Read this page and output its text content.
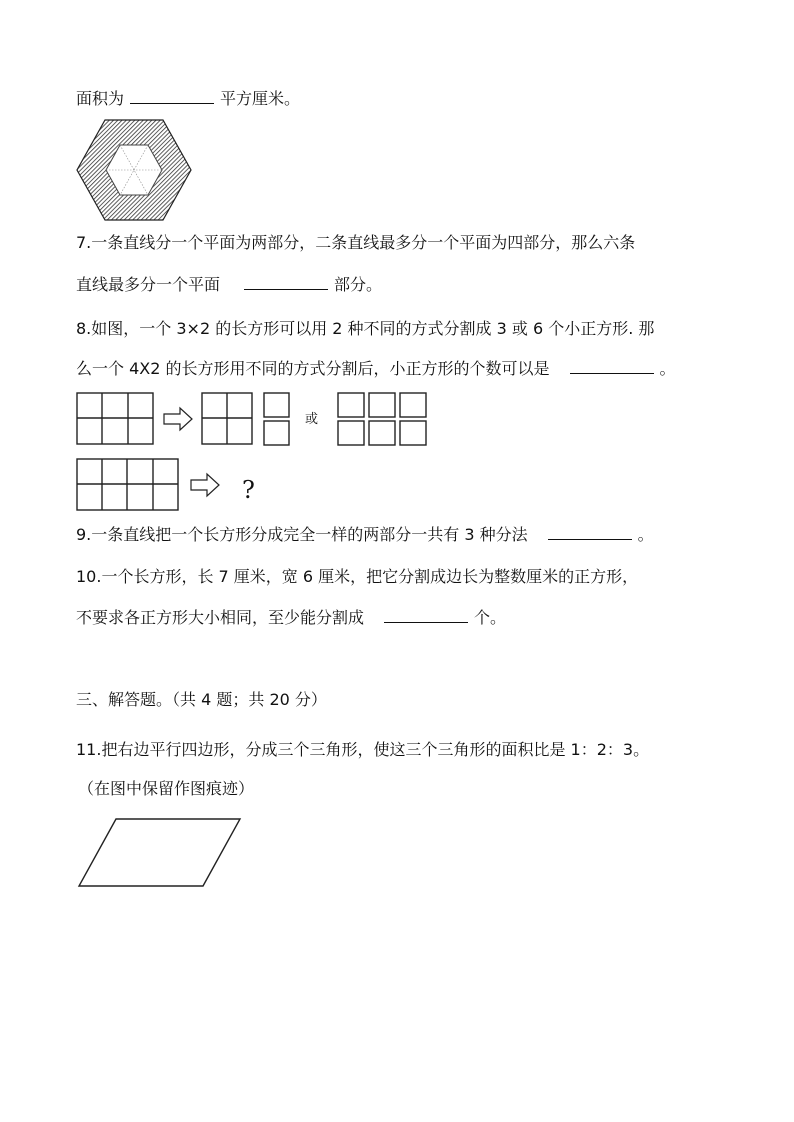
面积为	平方厘米。
7.一条直线分一个平面为两部分，二条直线最多分一个平面为四部分，那么六条
直线最多分一个平面	部分。
8.如图，一个 3×2 的长方形可以用 2 种不同的方式分割成 3 或 6 个小正方形. 那
么一个 4X2 的长方形用不同的方式分割后，小正方形的个数可以是	。
或
?
9.一条直线把一个长方形分成完全一样的两部分一共有 3 种分法	。
10.一个长方形，长 7 厘米，宽 6 厘米，把它分割成边长为整数厘米的正方形，
不要求各正方形大小相同，至少能分割成	个。
三、解答题。（共 4 题；共 20 分）
11.把右边平行四边形，分成三个三角形，使这三个三角形的面积比是 1：2：3。
（在图中保留作图痕迹）
